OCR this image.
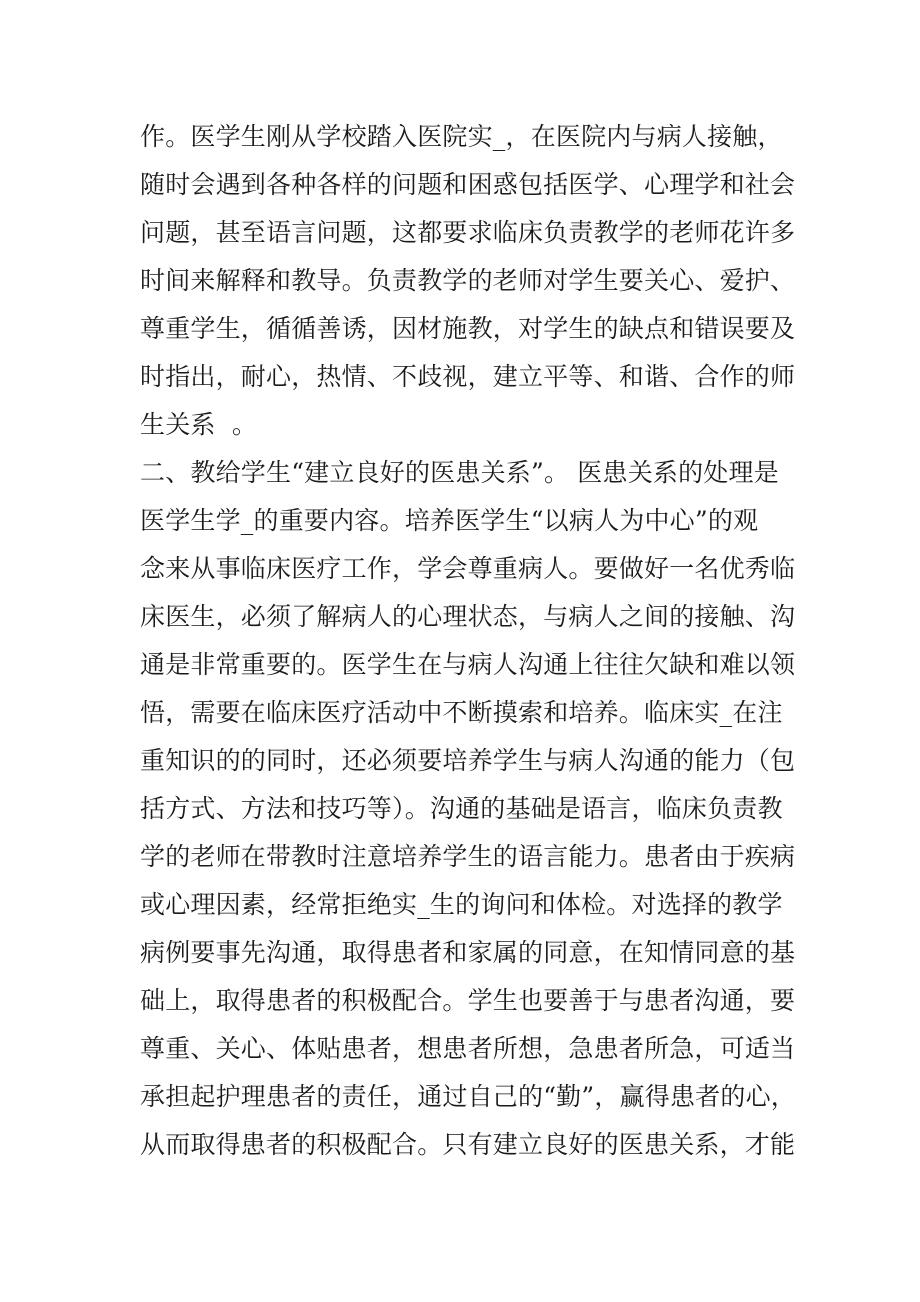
作。医学生刚从学校踏入医院实_，在医院内与病人接触，
随时会遇到各种各样的问题和困惑包括医学、心理学和社会
问题，甚至语言问题，这都要求临床负责教学的老师花许多
时间来解释和教导。负责教学的老师对学生要关心、爱护、
尊重学生，循循善诱，因材施教，对学生的缺点和错误要及
时指出，耐心，热情、不歧视，建立平等、和谐、合作的师
生关系  。
二、教给学生“建立良好的医患关系”。 医患关系的处理是
医学生学_的重要内容。培养医学生“以病人为中心”的观
念来从事临床医疗工作，学会尊重病人。要做好一名优秀临
床医生，必须了解病人的心理状态，与病人之间的接触、沟
通是非常重要的。医学生在与病人沟通上往往欠缺和难以领
悟，需要在临床医疗活动中不断摸索和培养。临床实_在注
重知识的的同时，还必须要培养学生与病人沟通的能力（包
括方式、方法和技巧等）。沟通的基础是语言，临床负责教
学的老师在带教时注意培养学生的语言能力。患者由于疾病
或心理因素，经常拒绝实_生的询问和体检。对选择的教学
病例要事先沟通，取得患者和家属的同意，在知情同意的基
础上，取得患者的积极配合。学生也要善于与患者沟通，要
尊重、关心、体贴患者，想患者所想，急患者所急，可适当
承担起护理患者的责任，通过自己的“勤”，赢得患者的心，
从而取得患者的积极配合。只有建立良好的医患关系，才能
